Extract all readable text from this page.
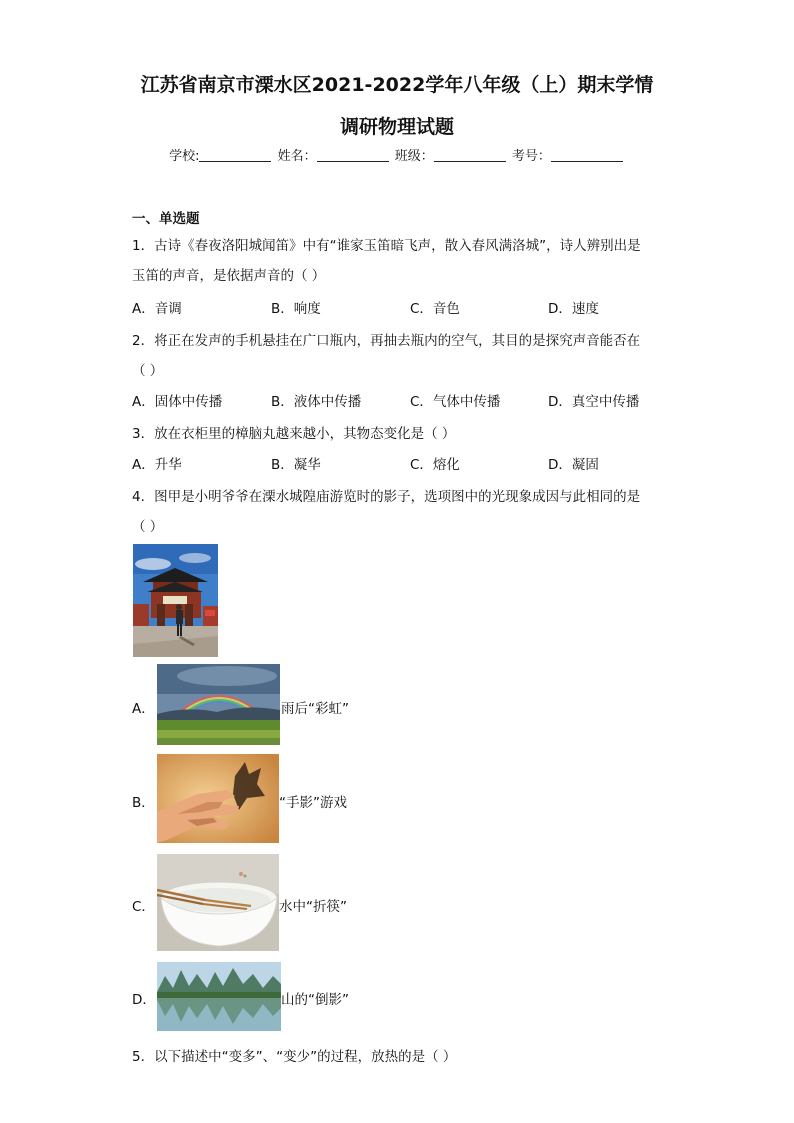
江苏省南京市溧水区2021-2022学年八年级（上）期末学情
调研物理试题
学校:	姓名：	班级：	考号：
一、单选题
1．古诗《春夜洛阳城闻笛》中有“谁家玉笛暗飞声，散入春风满洛城”，诗人辨别出是
玉笛的声音，是依据声音的（ ）
A．音调	B．响度	C．音色	D．速度
2．将正在发声的手机悬挂在广口瓶内，再抽去瓶内的空气，其目的是探究声音能否在
（ ）
A．固体中传播	B．液体中传播	C．气体中传播	D．真空中传播
3．放在衣柜里的樟脑丸越来越小，其物态变化是（ ）
A．升华	B．凝华	C．熔化	D．凝固
4．图甲是小明爷爷在溧水城隍庙游览时的影子，选项图中的光现象成因与此相同的是
（ ）
A．	雨后“彩虹”
B．	“手影”游戏
C．	水中“折筷”
D．	山的“倒影”
5．以下描述中“变多”、“变少”的过程，放热的是（ ）
